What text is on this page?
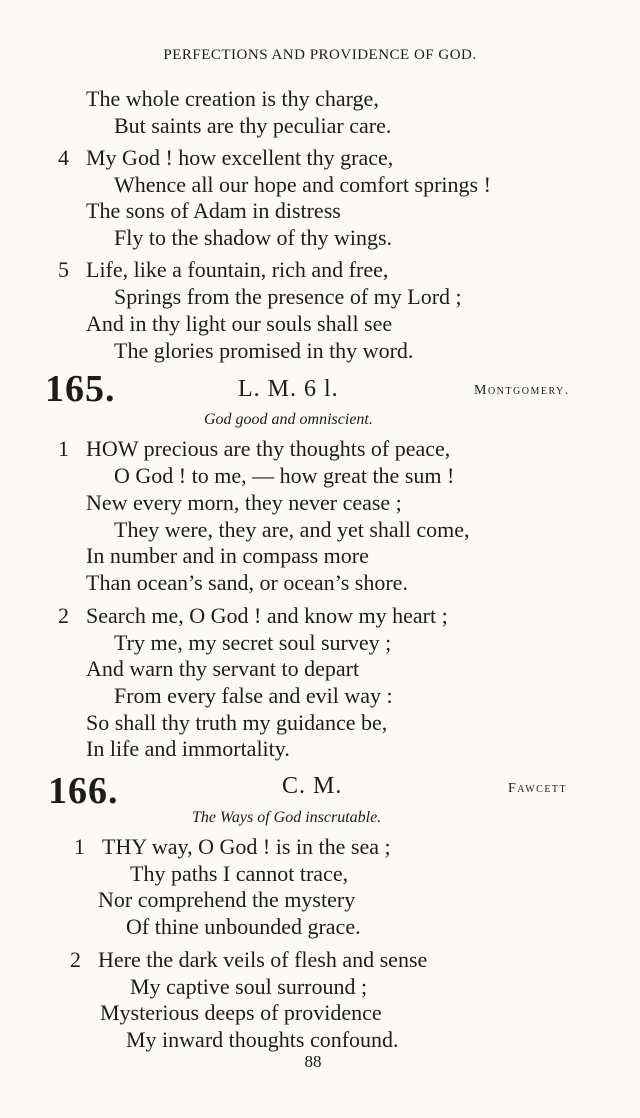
PERFECTIONS AND PROVIDENCE OF GOD.
The whole creation is thy charge,
But saints are thy peculiar care.
4 My God ! how excellent thy grace,
Whence all our hope and comfort springs !
The sons of Adam in distress
Fly to the shadow of thy wings.
5 Life, like a fountain, rich and free,
Springs from the presence of my Lord ;
And in thy light our souls shall see
The glories promised in thy word.
165.	L. M. 6 l.	Montgomery.
God good and omniscient.
1 HOW precious are thy thoughts of peace,
O God ! to me, — how great the sum !
New every morn, they never cease ;
They were, they are, and yet shall come,
In number and in compass more
Than ocean’s sand, or ocean’s shore.
2 Search me, O God ! and know my heart ;
Try me, my secret soul survey ;
And warn thy servant to depart
From every false and evil way :
So shall thy truth my guidance be,
In life and immortality.
166.	C. M.	Fawcett
The Ways of God inscrutable.
1 THY way, O God ! is in the sea ;
Thy paths I cannot trace,
Nor comprehend the mystery
Of thine unbounded grace.
2 Here the dark veils of flesh and sense
My captive soul surround ;
Mysterious deeps of providence
My inward thoughts confound.
88
